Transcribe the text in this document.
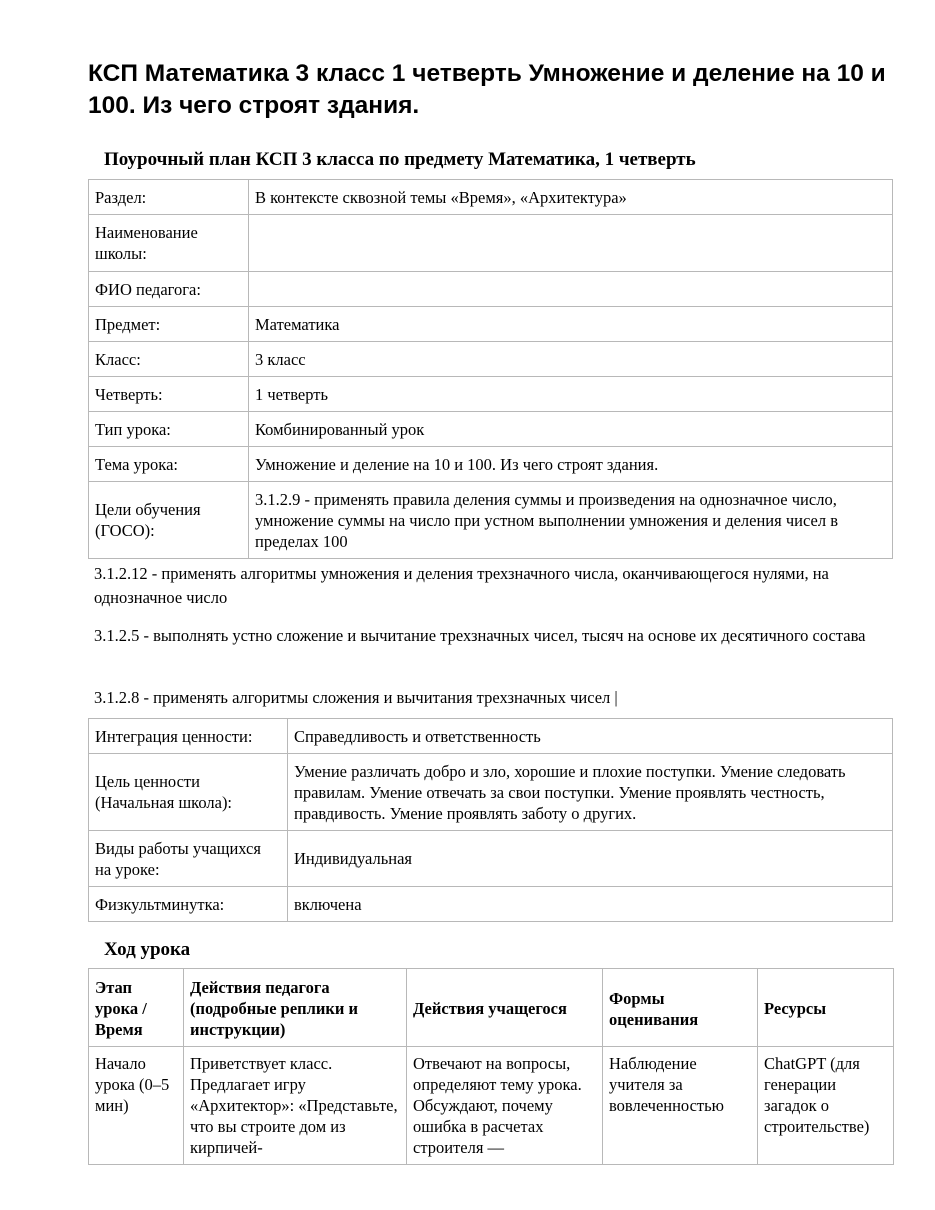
КСП Математика 3 класс 1 четверть Умножение и деление на 10 и 100. Из чего строят здания.
Поурочный план КСП 3 класса по предмету Математика, 1 четверть
Раздел:	В контексте сквозной темы «Время», «Архитектура»
Наименование школы:	
ФИО педагога:	
Предмет:	Математика
Класс:	3 класс
Четверть:	1 четверть
Тип урока:	Комбинированный урок
Тема урока:	Умножение и деление на 10 и 100. Из чего строят здания.
Цели обучения (ГОСО):	3.1.2.9 - применять правила деления суммы и произведения на однозначное число, умножение суммы на число при устном выполнении умножения и деления чисел в пределах 100

3.1.2.12 - применять алгоритмы умножения и деления трехзначного числа, оканчивающегося нулями, на однозначное число

3.1.2.5 - выполнять устно сложение и вычитание трехзначных чисел, тысяч на основе их десятичного состава

3.1.2.8 - применять алгоритмы сложения и вычитания трехзначных чисел |

Интеграция ценности:	Справедливость и ответственность
Цель ценности (Начальная школа):	Умение различать добро и зло, хорошие и плохие поступки. Умение следовать правилам. Умение отвечать за свои поступки. Умение проявлять честность, правдивость. Умение проявлять заботу о других.
Виды работы учащихся на уроке:	Индивидуальная
Физкультминутка:	включена
Ход урока
Этап урока / Время	Действия педагога (подробные реплики и инструкции)	Действия учащегося	Формы оценивания	Ресурсы
Начало урока (0–5 мин)	Приветствует класс. Предлагает игру «Архитектор»: «Представьте, что вы строите дом из кирпичей-	Отвечают на вопросы, определяют тему урока. Обсуждают, почему ошибка в расчетах строителя —	Наблюдение учителя за вовлеченностью	ChatGPT (для генерации загадок о строительстве)
